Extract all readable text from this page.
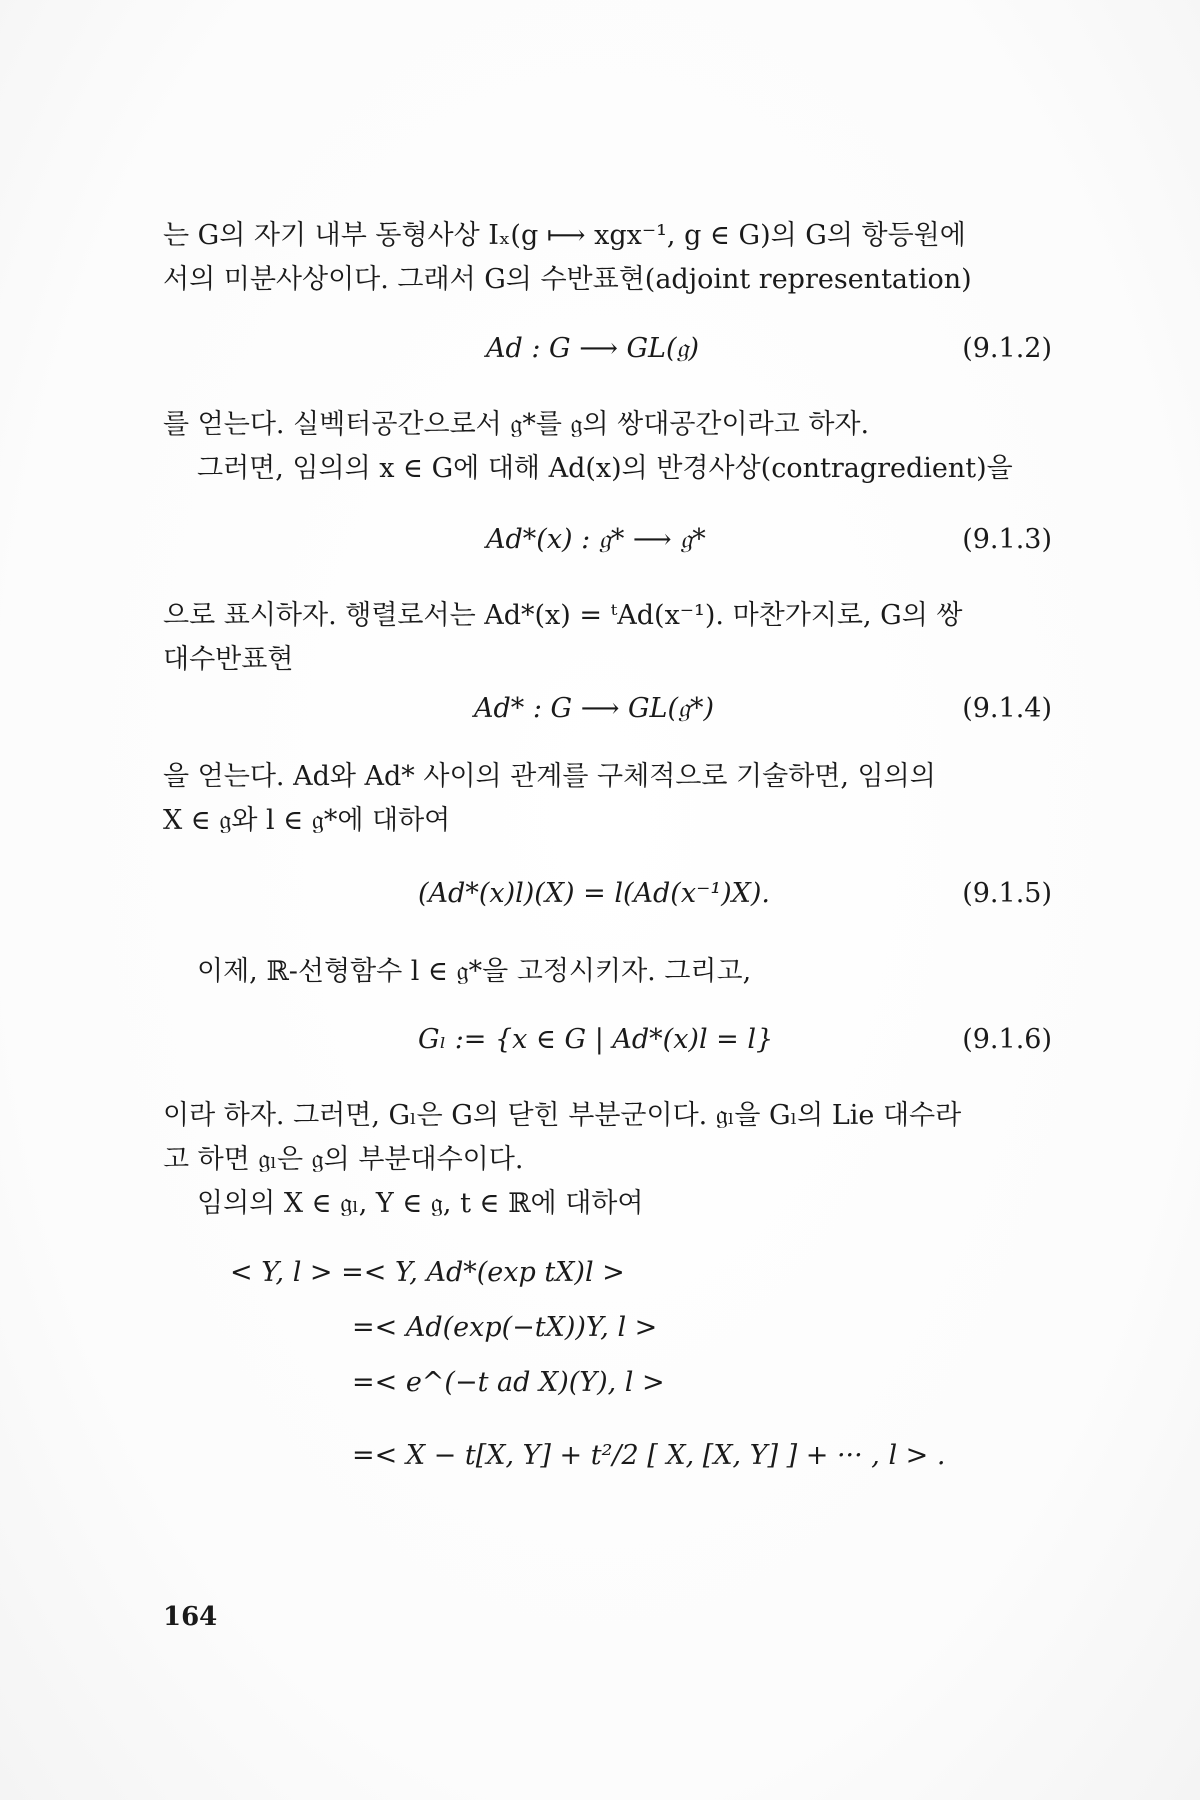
는 G의 자기 내부 동형사상 Iₓ(g ⟼ xgx⁻¹, g ∈ G)의 G의 항등원에
서의 미분사상이다. 그래서 G의 수반표현(adjoint representation)
Ad : G ⟶ GL(𝔤)	(9.1.2)
를 얻는다. 실벡터공간으로서 𝔤*를 𝔤의 쌍대공간이라고 하자.
그러면, 임의의 x ∈ G에 대해 Ad(x)의 반경사상(contragredient)을
Ad*(x) : 𝔤* ⟶ 𝔤*	(9.1.3)
으로 표시하자. 행렬로서는 Ad*(x) = ᵗAd(x⁻¹). 마찬가지로, G의 쌍
대수반표현
Ad* : G ⟶ GL(𝔤*)	(9.1.4)
을 얻는다. Ad와 Ad* 사이의 관계를 구체적으로 기술하면, 임의의
X ∈ 𝔤와 l ∈ 𝔤*에 대하여
(Ad*(x)l)(X) = l(Ad(x⁻¹)X).	(9.1.5)
이제, ℝ-선형함수 l ∈ 𝔤*을 고정시키자. 그리고,
Gₗ := {x ∈ G | Ad*(x)l = l}	(9.1.6)
이라 하자. 그러면, Gₗ은 G의 닫힌 부분군이다. 𝔤ₗ을 Gₗ의 Lie 대수라
고 하면 𝔤ₗ은 𝔤의 부분대수이다.
임의의 X ∈ 𝔤ₗ, Y ∈ 𝔤, t ∈ ℝ에 대하여
< Y, l > =< Y, Ad*(exp tX)l >
=< Ad(exp(−tX))Y, l >
=< e^(−t ad X)(Y), l >
=< X − t[X, Y] + t²/2 [ X, [X, Y] ] + ··· , l > .
164
